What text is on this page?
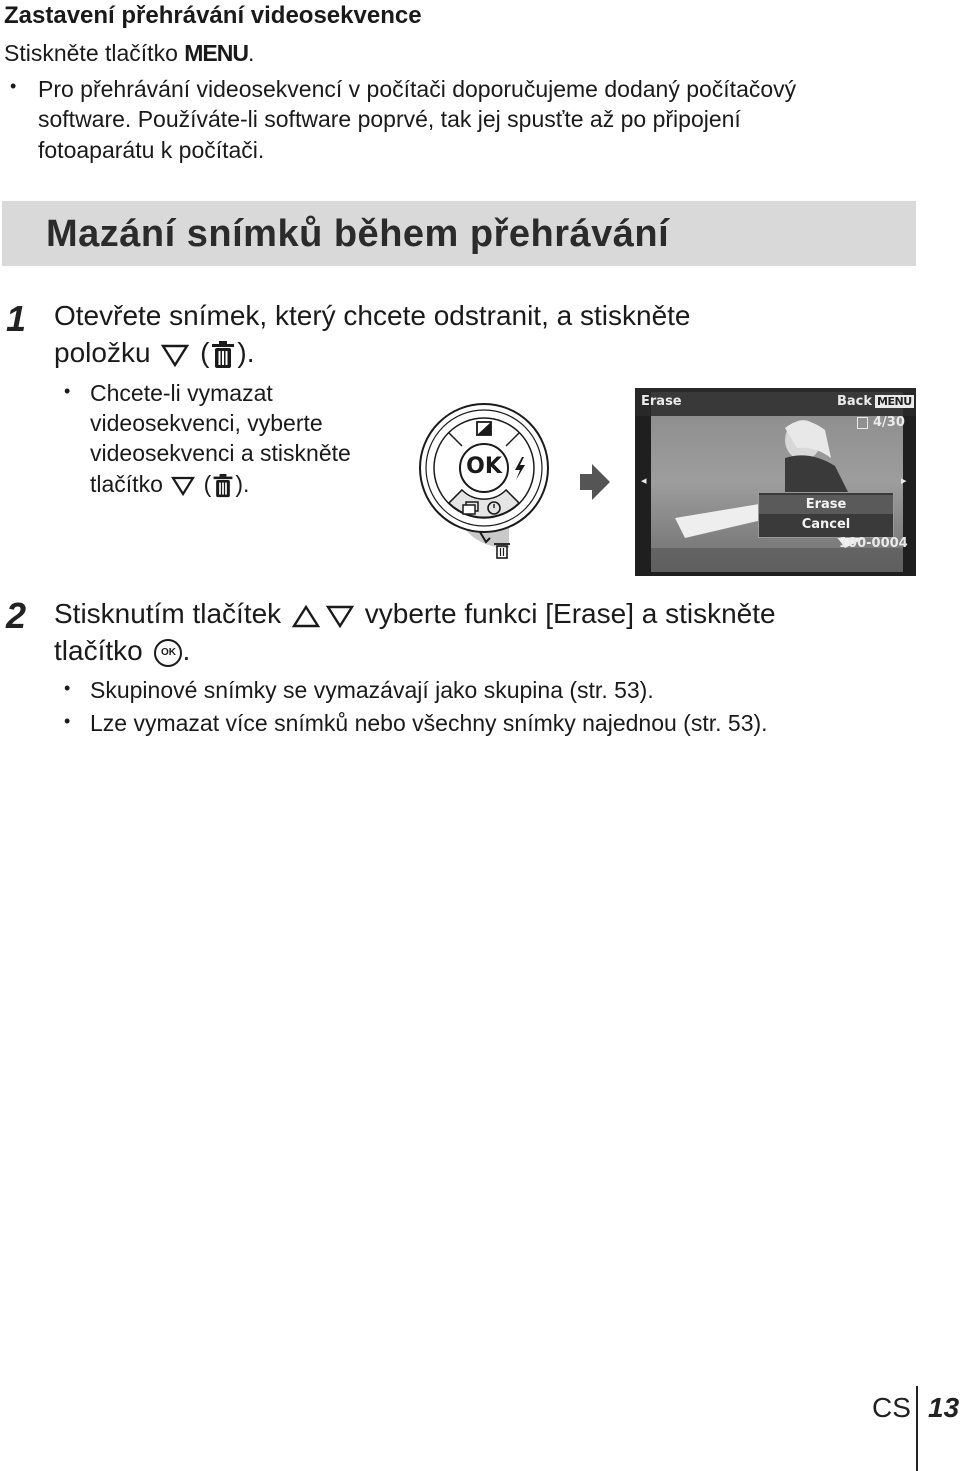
Zastavení přehrávání videosekvence
Stiskněte tlačítko MENU.
• Pro přehrávání videosekvencí v počítači doporučujeme dodaný počítačový
software. Používáte-li software poprvé, tak jej spusťte až po připojení
fotoaparátu k počítači.
Mazání snímků během přehrávání
1 Otevřete snímek, který chcete odstranit, a stiskněte
položku ( ).
• Chcete-li vymazat
videosekvenci, vyberte
videosekvenci a stiskněte
tlačítko ( ).
OK
Erase	Back MENU
4/30
◂	▸
Erase
Cancel
100-0004
2 Stisknutím tlačítek	vyberte funkci [Erase] a stiskněte
tlačítko OK .
• Skupinové snímky se vymazávají jako skupina (str. 53).
• Lze vymazat více snímků nebo všechny snímky najednou (str. 53).
CS 13
